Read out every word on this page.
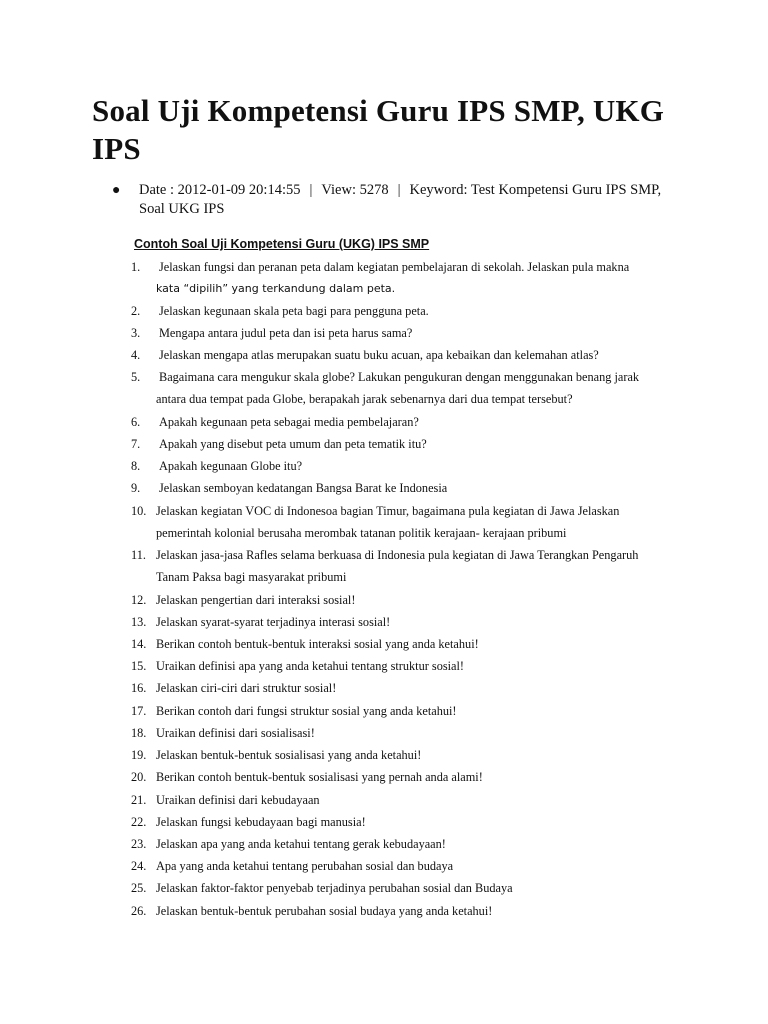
Soal Uji Kompetensi Guru IPS SMP, UKG IPS
● Date : 2012-01-09 20:14:55 | View: 5278 | Keyword: Test Kompetensi Guru IPS SMP, Soal UKG IPS
Contoh Soal Uji Kompetensi Guru (UKG) IPS SMP
1. Jelaskan fungsi dan peranan peta dalam kegiatan pembelajaran di sekolah. Jelaskan pula makna
kata “dipilih” yang terkandung dalam peta.
2. Jelaskan kegunaan skala peta bagi para pengguna peta.
3. Mengapa antara judul peta dan isi peta harus sama?
4. Jelaskan mengapa atlas merupakan suatu buku acuan, apa kebaikan dan kelemahan atlas?
5. Bagaimana cara mengukur skala globe? Lakukan pengukuran dengan menggunakan benang jarak
antara dua tempat pada Globe, berapakah jarak sebenarnya dari dua tempat tersebut?
6. Apakah kegunaan peta sebagai media pembelajaran?
7. Apakah yang disebut peta umum dan peta tematik itu?
8. Apakah kegunaan Globe itu?
9. Jelaskan semboyan kedatangan Bangsa Barat ke Indonesia
10. Jelaskan kegiatan VOC di Indonesoa bagian Timur, bagaimana pula kegiatan di Jawa Jelaskan
pemerintah kolonial berusaha merombak tatanan politik kerajaan- kerajaan pribumi
11. Jelaskan jasa-jasa Rafles selama berkuasa di Indonesia pula kegiatan di Jawa Terangkan Pengaruh
Tanam Paksa bagi masyarakat pribumi
12. Jelaskan pengertian dari interaksi sosial!
13. Jelaskan syarat-syarat terjadinya interasi sosial!
14. Berikan contoh bentuk-bentuk interaksi sosial yang anda ketahui!
15. Uraikan definisi apa yang anda ketahui tentang struktur sosial!
16. Jelaskan ciri-ciri dari struktur sosial!
17. Berikan contoh dari fungsi struktur sosial yang anda ketahui!
18. Uraikan definisi dari sosialisasi!
19. Jelaskan bentuk-bentuk sosialisasi yang anda ketahui!
20. Berikan contoh bentuk-bentuk sosialisasi yang pernah anda alami!
21. Uraikan definisi dari kebudayaan
22. Jelaskan fungsi kebudayaan bagi manusia!
23. Jelaskan apa yang anda ketahui tentang gerak kebudayaan!
24. Apa yang anda ketahui tentang perubahan sosial dan budaya
25. Jelaskan faktor-faktor penyebab terjadinya perubahan sosial dan Budaya
26. Jelaskan bentuk-bentuk perubahan sosial budaya yang anda ketahui!
